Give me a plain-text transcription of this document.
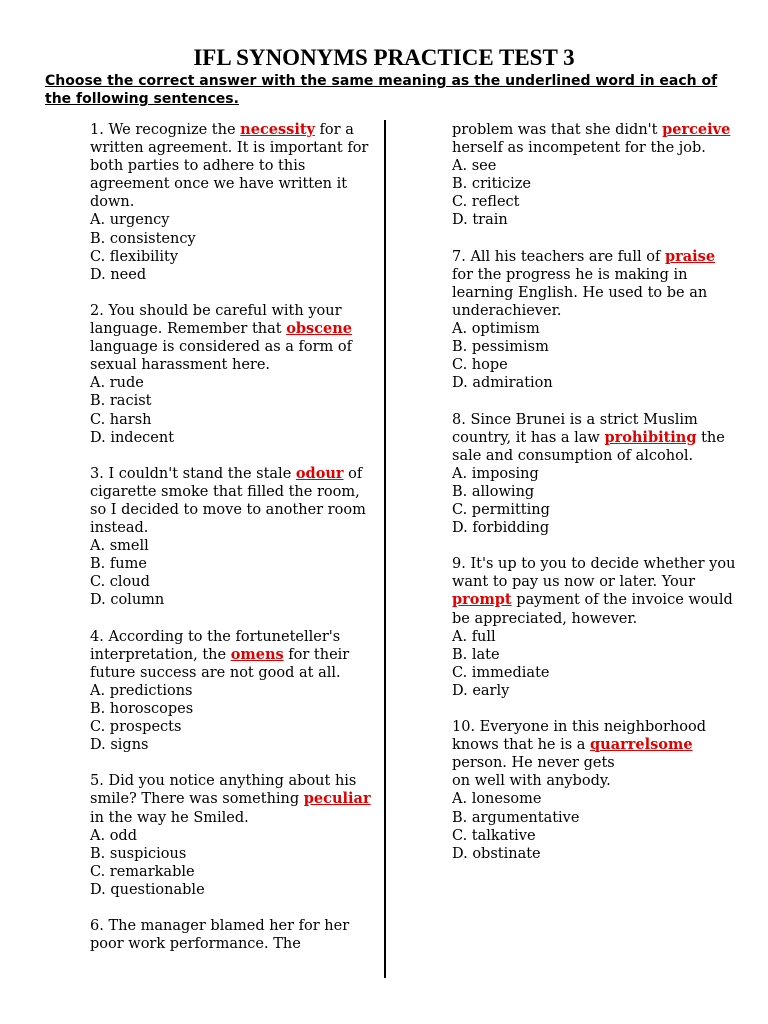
IFL SYNONYMS PRACTICE TEST 3

Choose the correct answer with the same meaning as the underlined word in each of the following sentences.

1. We recognize the necessity for a written agreement. It is important for both parties to adhere to this agreement once we have written it down.

A. urgency
B. consistency
C. flexibility
D. need

2. You should be careful with your language. Remember that obscene language is considered as a form of sexual harassment here.

A. rude
B. racist
C. harsh
D. indecent

3. I couldn't stand the stale odour of cigarette smoke that filled the room, so I decided to move to another room instead.

A. smell
B. fume
C. cloud
D. column

4. According to the fortuneteller's interpretation, the omens for their future success are not good at all.

A. predictions
B. horoscopes
C. prospects
D. signs

5. Did you notice anything about his smile? There was something peculiar in the way he Smiled.

A. odd
B. suspicious
C. remarkable
D. questionable

6. The manager blamed her for her poor work performance. The

problem was that she didn't perceive herself as incompetent for the job.

A. see
B. criticize
C. reflect
D. train

7. All his teachers are full of praise for the progress he is making in learning English. He used to be an underachiever.

A. optimism
B. pessimism
C. hope
D. admiration

8. Since Brunei is a strict Muslim country, it has a law prohibiting the sale and consumption of alcohol.

A. imposing
B. allowing
C. permitting
D. forbidding

9. It's up to you to decide whether you want to pay us now or later. Your prompt payment of the invoice would be appreciated, however.

A. full
B. late
C. immediate
D. early

10. Everyone in this neighborhood knows that he is a quarrelsome person. He never gets

on well with anybody.

A. lonesome
B. argumentative
C. talkative
D. obstinate
